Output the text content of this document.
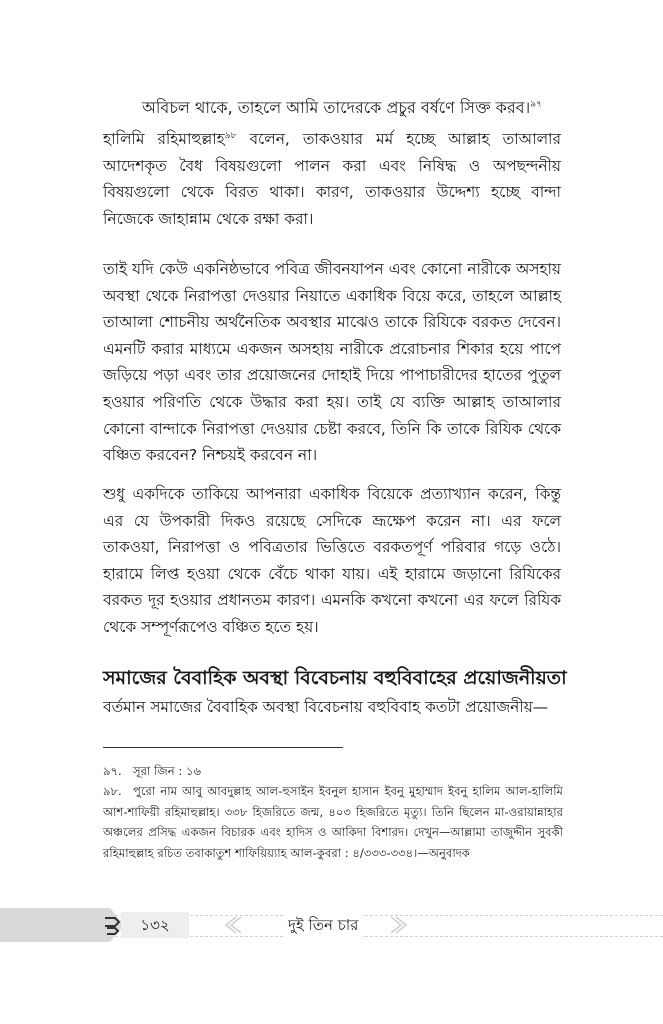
অবিচল থাকে, তাহলে আমি তাদেরকে প্রচুর বর্ষণে সিক্ত করব।$^{৯৭}$
হালিমি রহিমাহুল্লাহ$^{৯৮}$ বলেন, তাকওয়ার মর্ম হচ্ছে আল্লাহ তাআলার আদেশকৃত বৈধ বিষয়গুলো পালন করা এবং নিষিদ্ধ ও অপছন্দনীয় বিষয়গুলো থেকে বিরত থাকা। কারণ, তাকওয়ার উদ্দেশ্য হচ্ছে বান্দা নিজেকে জাহান্নাম থেকে রক্ষা করা।
তাই যদি কেউ একনিষ্ঠভাবে পবিত্র জীবনযাপন এবং কোনো নারীকে অসহায় অবস্থা থেকে নিরাপত্তা দেওয়ার নিয়াতে একাধিক বিয়ে করে, তাহলে আল্লাহ তাআলা শোচনীয় অর্থনৈতিক অবস্থার মাঝেও তাকে রিযিকে বরকত দেবেন। এমনটি করার মাধ্যমে একজন অসহায় নারীকে প্ররোচনার শিকার হয়ে পাপে জড়িয়ে পড়া এবং তার প্রয়োজনের দোহাই দিয়ে পাপাচারীদের হাতের পুতুল হওয়ার পরিণতি থেকে উদ্ধার করা হয়। তাই যে ব্যক্তি আল্লাহ তাআলার কোনো বান্দাকে নিরাপত্তা দেওয়ার চেষ্টা করবে, তিনি কি তাকে রিযিক থেকে বঞ্চিত করবেন? নিশ্চয়ই করবেন না।
শুধু একদিকে তাকিয়ে আপনারা একাধিক বিয়েকে প্রত্যাখ্যান করেন, কিন্তু এর যে উপকারী দিকও রয়েছে সেদিকে ভ্রূক্ষেপ করেন না। এর ফলে তাকওয়া, নিরাপত্তা ও পবিত্রতার ভিত্তিতে বরকতপূর্ণ পরিবার গড়ে ওঠে। হারামে লিপ্ত হওয়া থেকে বেঁচে থাকা যায়। এই হারামে জড়ানো রিযিকের বরকত দূর হওয়ার প্রধানতম কারণ। এমনকি কখনো কখনো এর ফলে রিযিক থেকে সম্পূর্ণরূপেও বঞ্চিত হতে হয়।
সমাজের বৈবাহিক অবস্থা বিবেচনায় বহুবিবাহের প্রয়োজনীয়তা
বর্তমান সমাজের বৈবাহিক অবস্থা বিবেচনায় বহুবিবাহ কতটা প্রয়োজনীয়—
৯৭. সূরা জিন : ১৬
৯৮. পুরো নাম আবু আবদুল্লাহ আল-হুসাইন ইবনুল হাসান ইবনু মুহাম্মাদ ইবনু হালিম আল-হালিমি আশ-শাফিয়ী রহিমাহুল্লাহ। ৩৩৮ হিজরিতে জন্ম, ৪০৩ হিজরিতে মৃত্যু। তিনি ছিলেন মা-ওরায়ান্নাহার অঞ্চলের প্রসিদ্ধ একজন বিচারক এবং হাদিস ও আকিদা বিশারদ। দেখুন—আল্লামা তাজুদ্দীন সুবকী রহিমাহুল্লাহ রচিত তবাকাতুশ শাফিয়িয়্যাহ আল-কুবরা : ৪/৩৩৩-৩৩৪।—অনুবাদক
১৩২	দুই তিন চার
